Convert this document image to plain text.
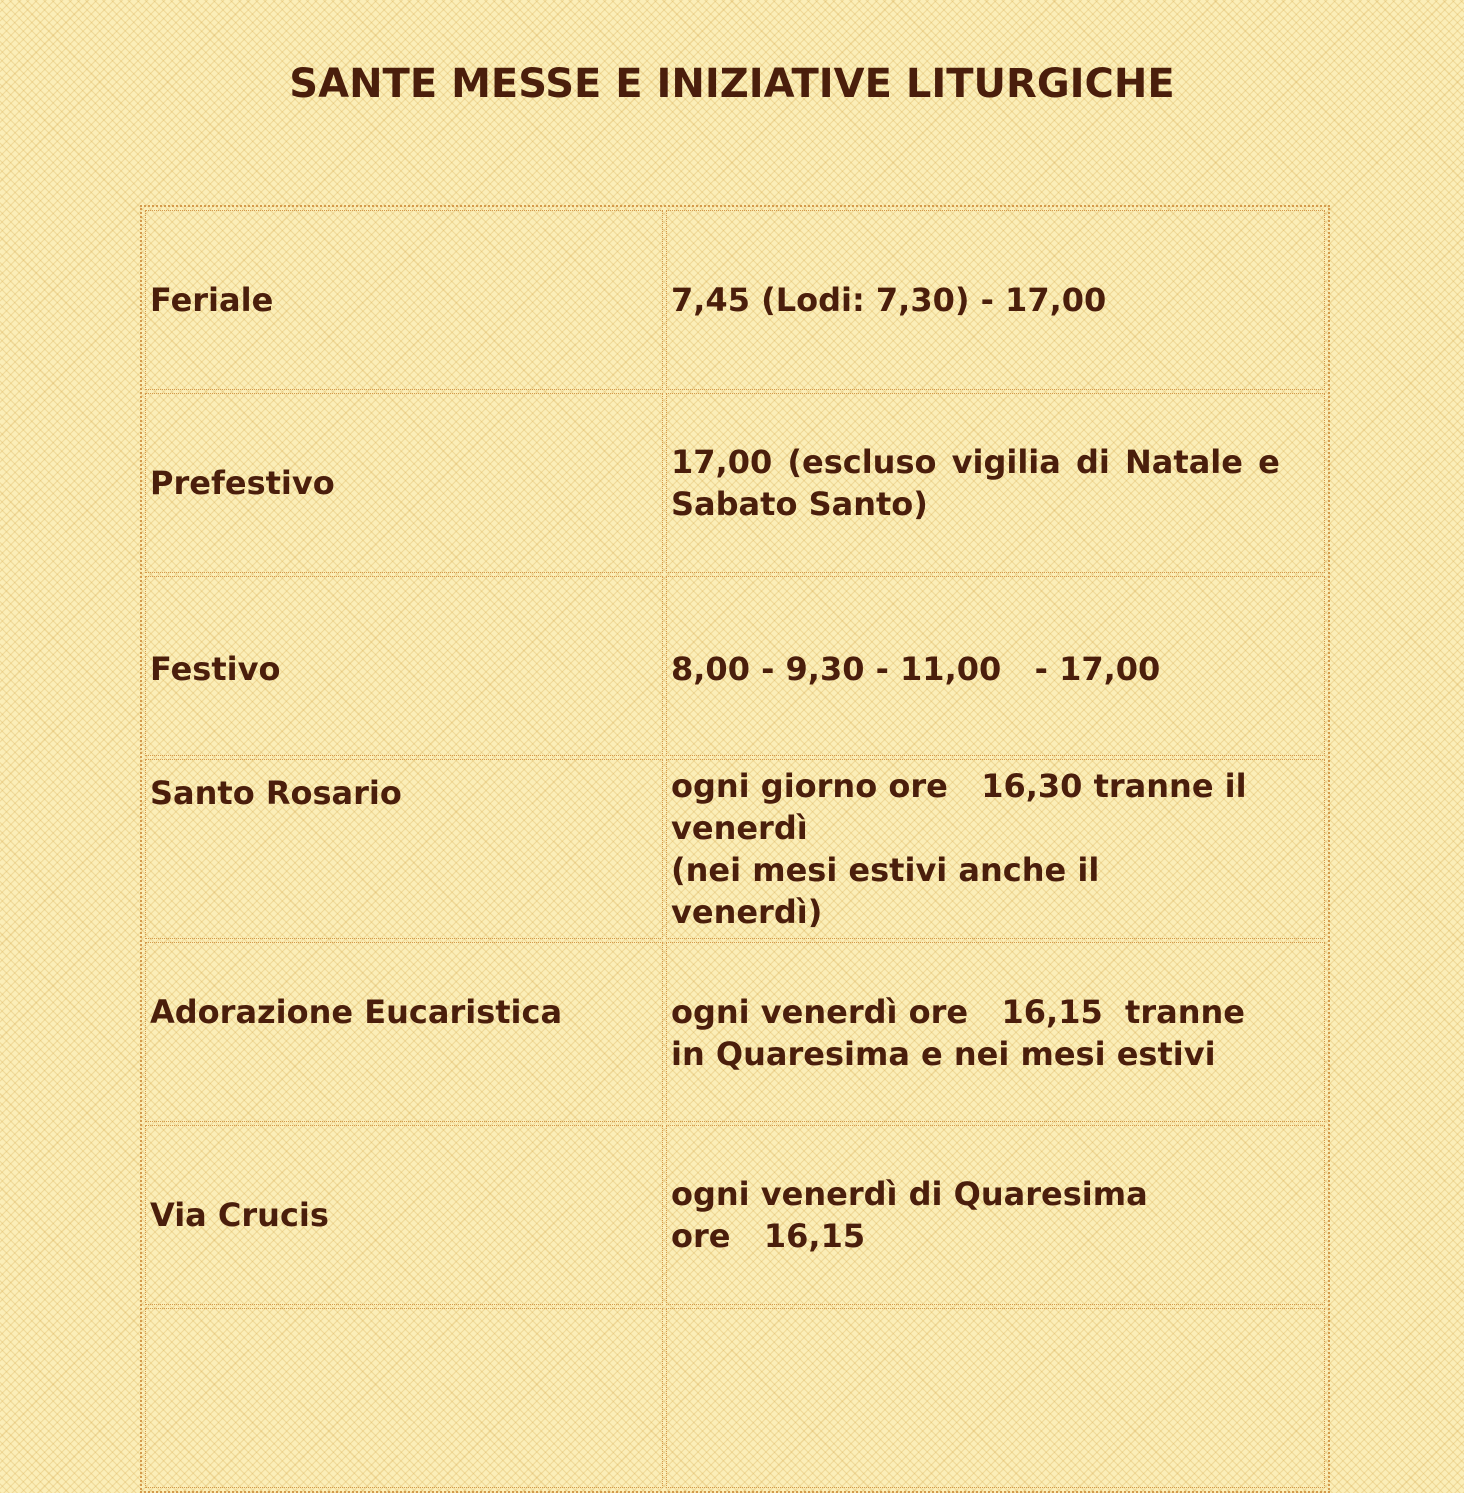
SANTE MESSE E INIZIATIVE LITURGICHE
Feriale	7,45 (Lodi: 7,30) - 17,00

Prefestivo	17,00 (escluso vigilia di Natale e
Sabato Santo)

Festivo	8,00 - 9,30 - 11,00   - 17,00

Santo Rosario	ogni giorno ore   16,30 tranne il
venerdì
(nei mesi estivi anche il
venerdì)

Adorazione Eucaristica	ogni venerdì ore   16,15  tranne
in Quaresima e nei mesi estivi

Via Crucis	ogni venerdì di Quaresima
ore   16,15
